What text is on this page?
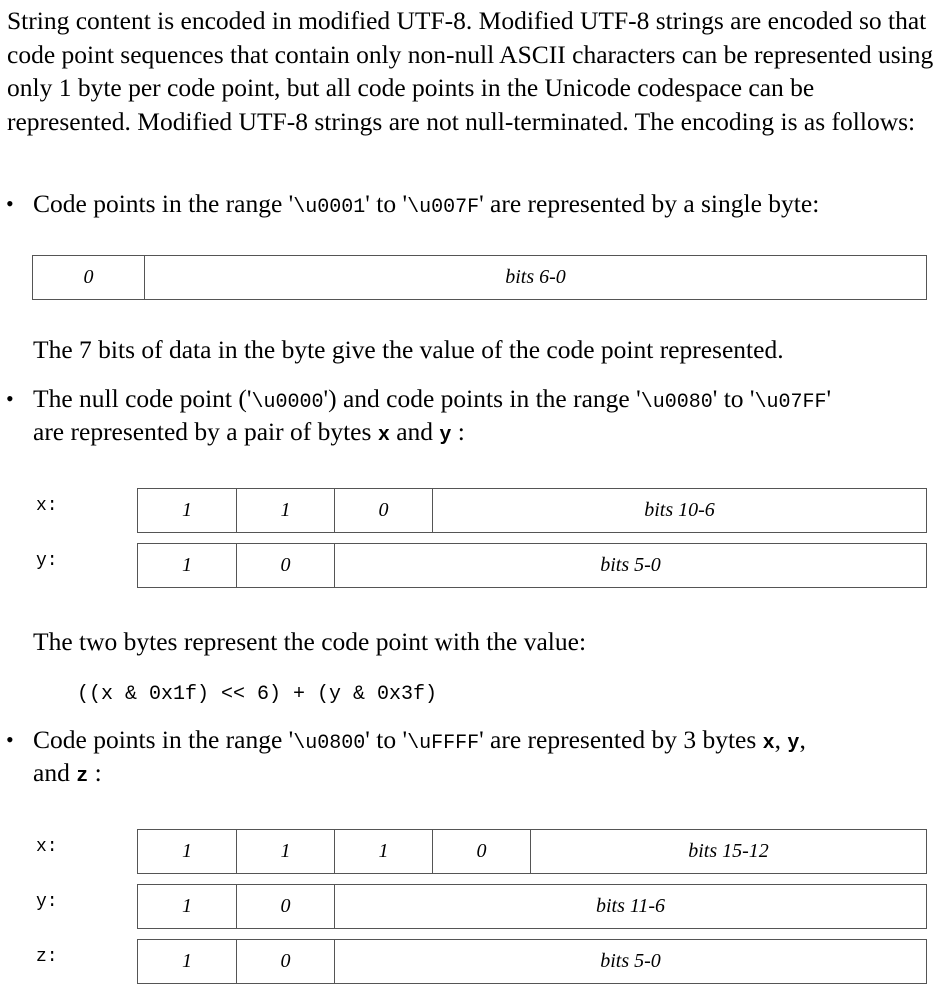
String content is encoded in modified UTF-8. Modified UTF-8 strings are encoded so that code point sequences that contain only non-null ASCII characters can be represented using only 1 byte per code point, but all code points in the Unicode codespace can be represented. Modified UTF-8 strings are not null-terminated. The encoding is as follows:

• Code points in the range '\u0001' to '\u007F' are represented by a single byte:
0	bits 6-0
The 7 bits of data in the byte give the value of the code point represented.
• The null code point ('\u0000') and code points in the range '\u0080' to '\u07FF'
are represented by a pair of bytes x and y :
x:	1	1	0	bits 10-6
y:	1	0	bits 5-0
The two bytes represent the code point with the value:
((x & 0x1f) << 6) + (y & 0x3f)
• Code points in the range '\u0800' to '\uFFFF' are represented by 3 bytes x, y,
and z :
x:	1	1	1	0	bits 15-12
y:	1	0	bits 11-6
z:	1	0	bits 5-0
